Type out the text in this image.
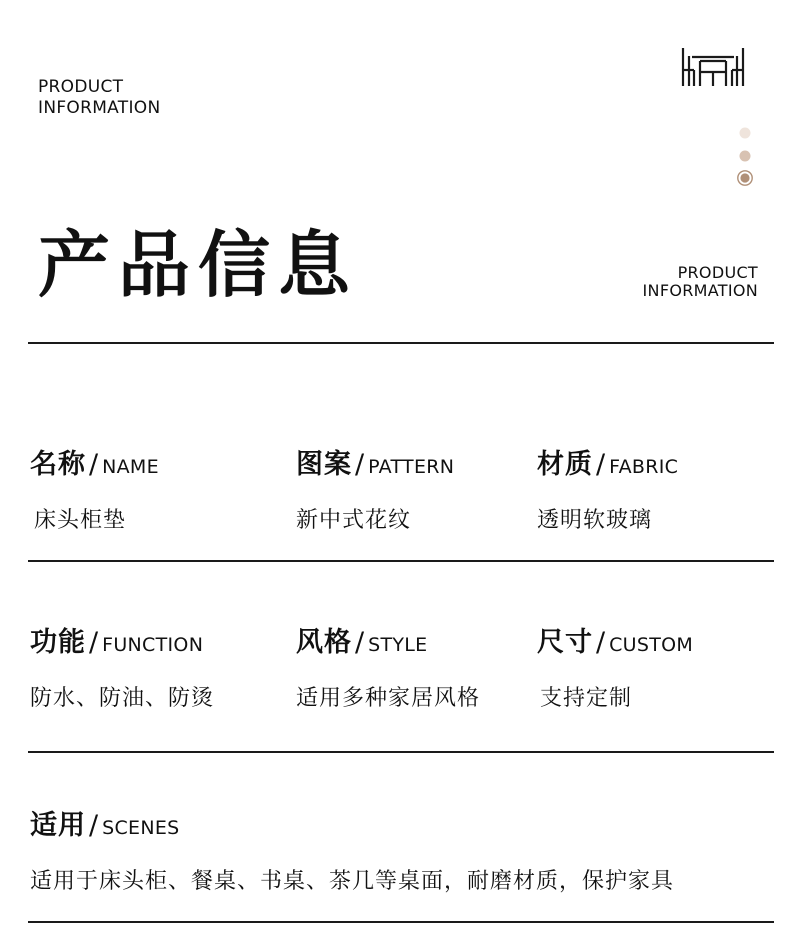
PRODUCT
INFORMATION
产品信息	PRODUCT
INFORMATION
名称 / NAME
床头柜垫
图案 / PATTERN
新中式花纹
材质 / FABRIC
透明软玻璃
功能 / FUNCTION
防水、防油、防烫
风格 / STYLE
适用多种家居风格
尺寸 / CUSTOM
支持定制
适用 / SCENES
适用于床头柜、餐桌、书桌、茶几等桌面，耐磨材质，保护家具
